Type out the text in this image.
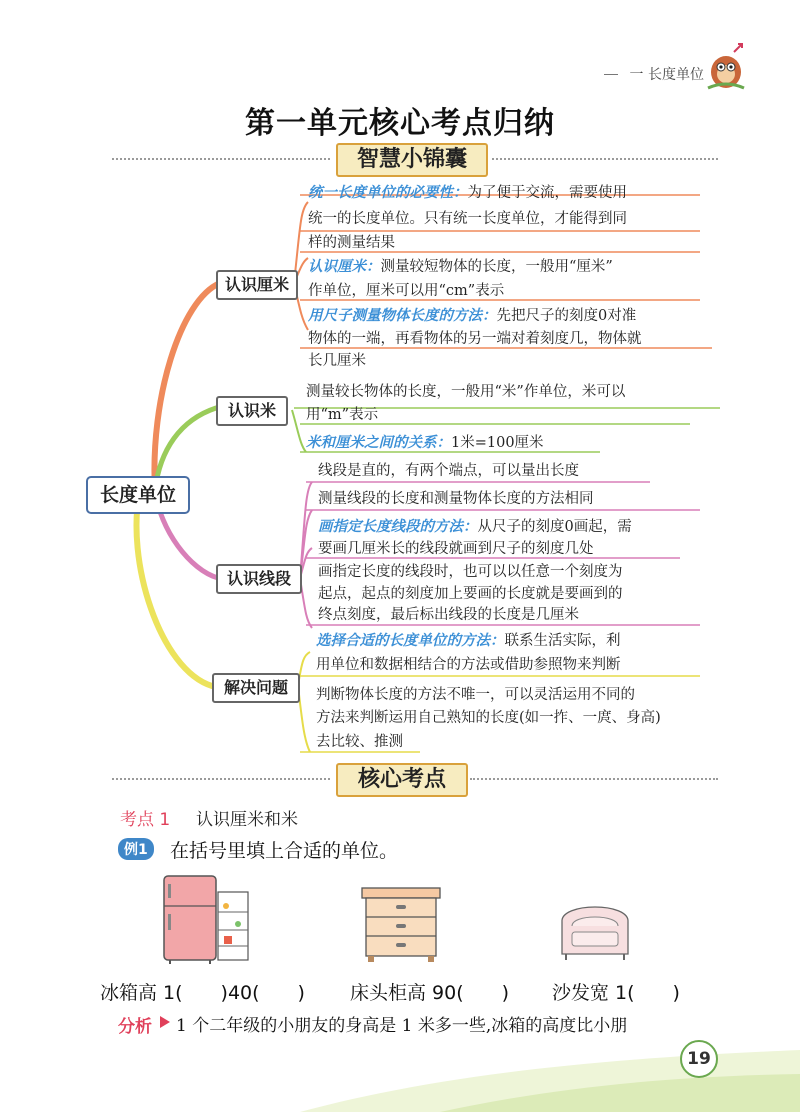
一 长度单位
第一单元核心考点归纳
智慧小锦囊
长度单位
认识厘米
认识米
认识线段
解决问题
统一长度单位的必要性：为了便于交流，需要使用
统一的长度单位。只有统一长度单位，才能得到同
样的测量结果
认识厘米：测量较短物体的长度，一般用“厘米”
作单位，厘米可以用“cm”表示
用尺子测量物体长度的方法：先把尺子的刻度0对准
物体的一端，再看物体的另一端对着刻度几，物体就
长几厘米
测量较长物体的长度，一般用“米”作单位，米可以
用“m”表示
米和厘米之间的关系：1米=100厘米
线段是直的，有两个端点，可以量出长度
测量线段的长度和测量物体长度的方法相同
画指定长度线段的方法：从尺子的刻度0画起，需
要画几厘米长的线段就画到尺子的刻度几处
画指定长度的线段时，也可以以任意一个刻度为
起点，起点的刻度加上要画的长度就是要画到的
终点刻度，最后标出线段的长度是几厘米
选择合适的长度单位的方法：联系生活实际，利
用单位和数据相结合的方法或借助参照物来判断
判断物体长度的方法不唯一，可以灵活运用不同的
方法来判断运用自己熟知的长度(如一拃、一庹、身高)
去比较、推测
核心考点
考点 1 认识厘米和米
例1	在括号里填上合适的单位。
冰箱高 1(　　)40(　　) 床头柜高 90(　　) 沙发宽 1(　　)
分析 1 个二年级的小朋友的身高是 1 米多一些,冰箱的高度比小朋
19
